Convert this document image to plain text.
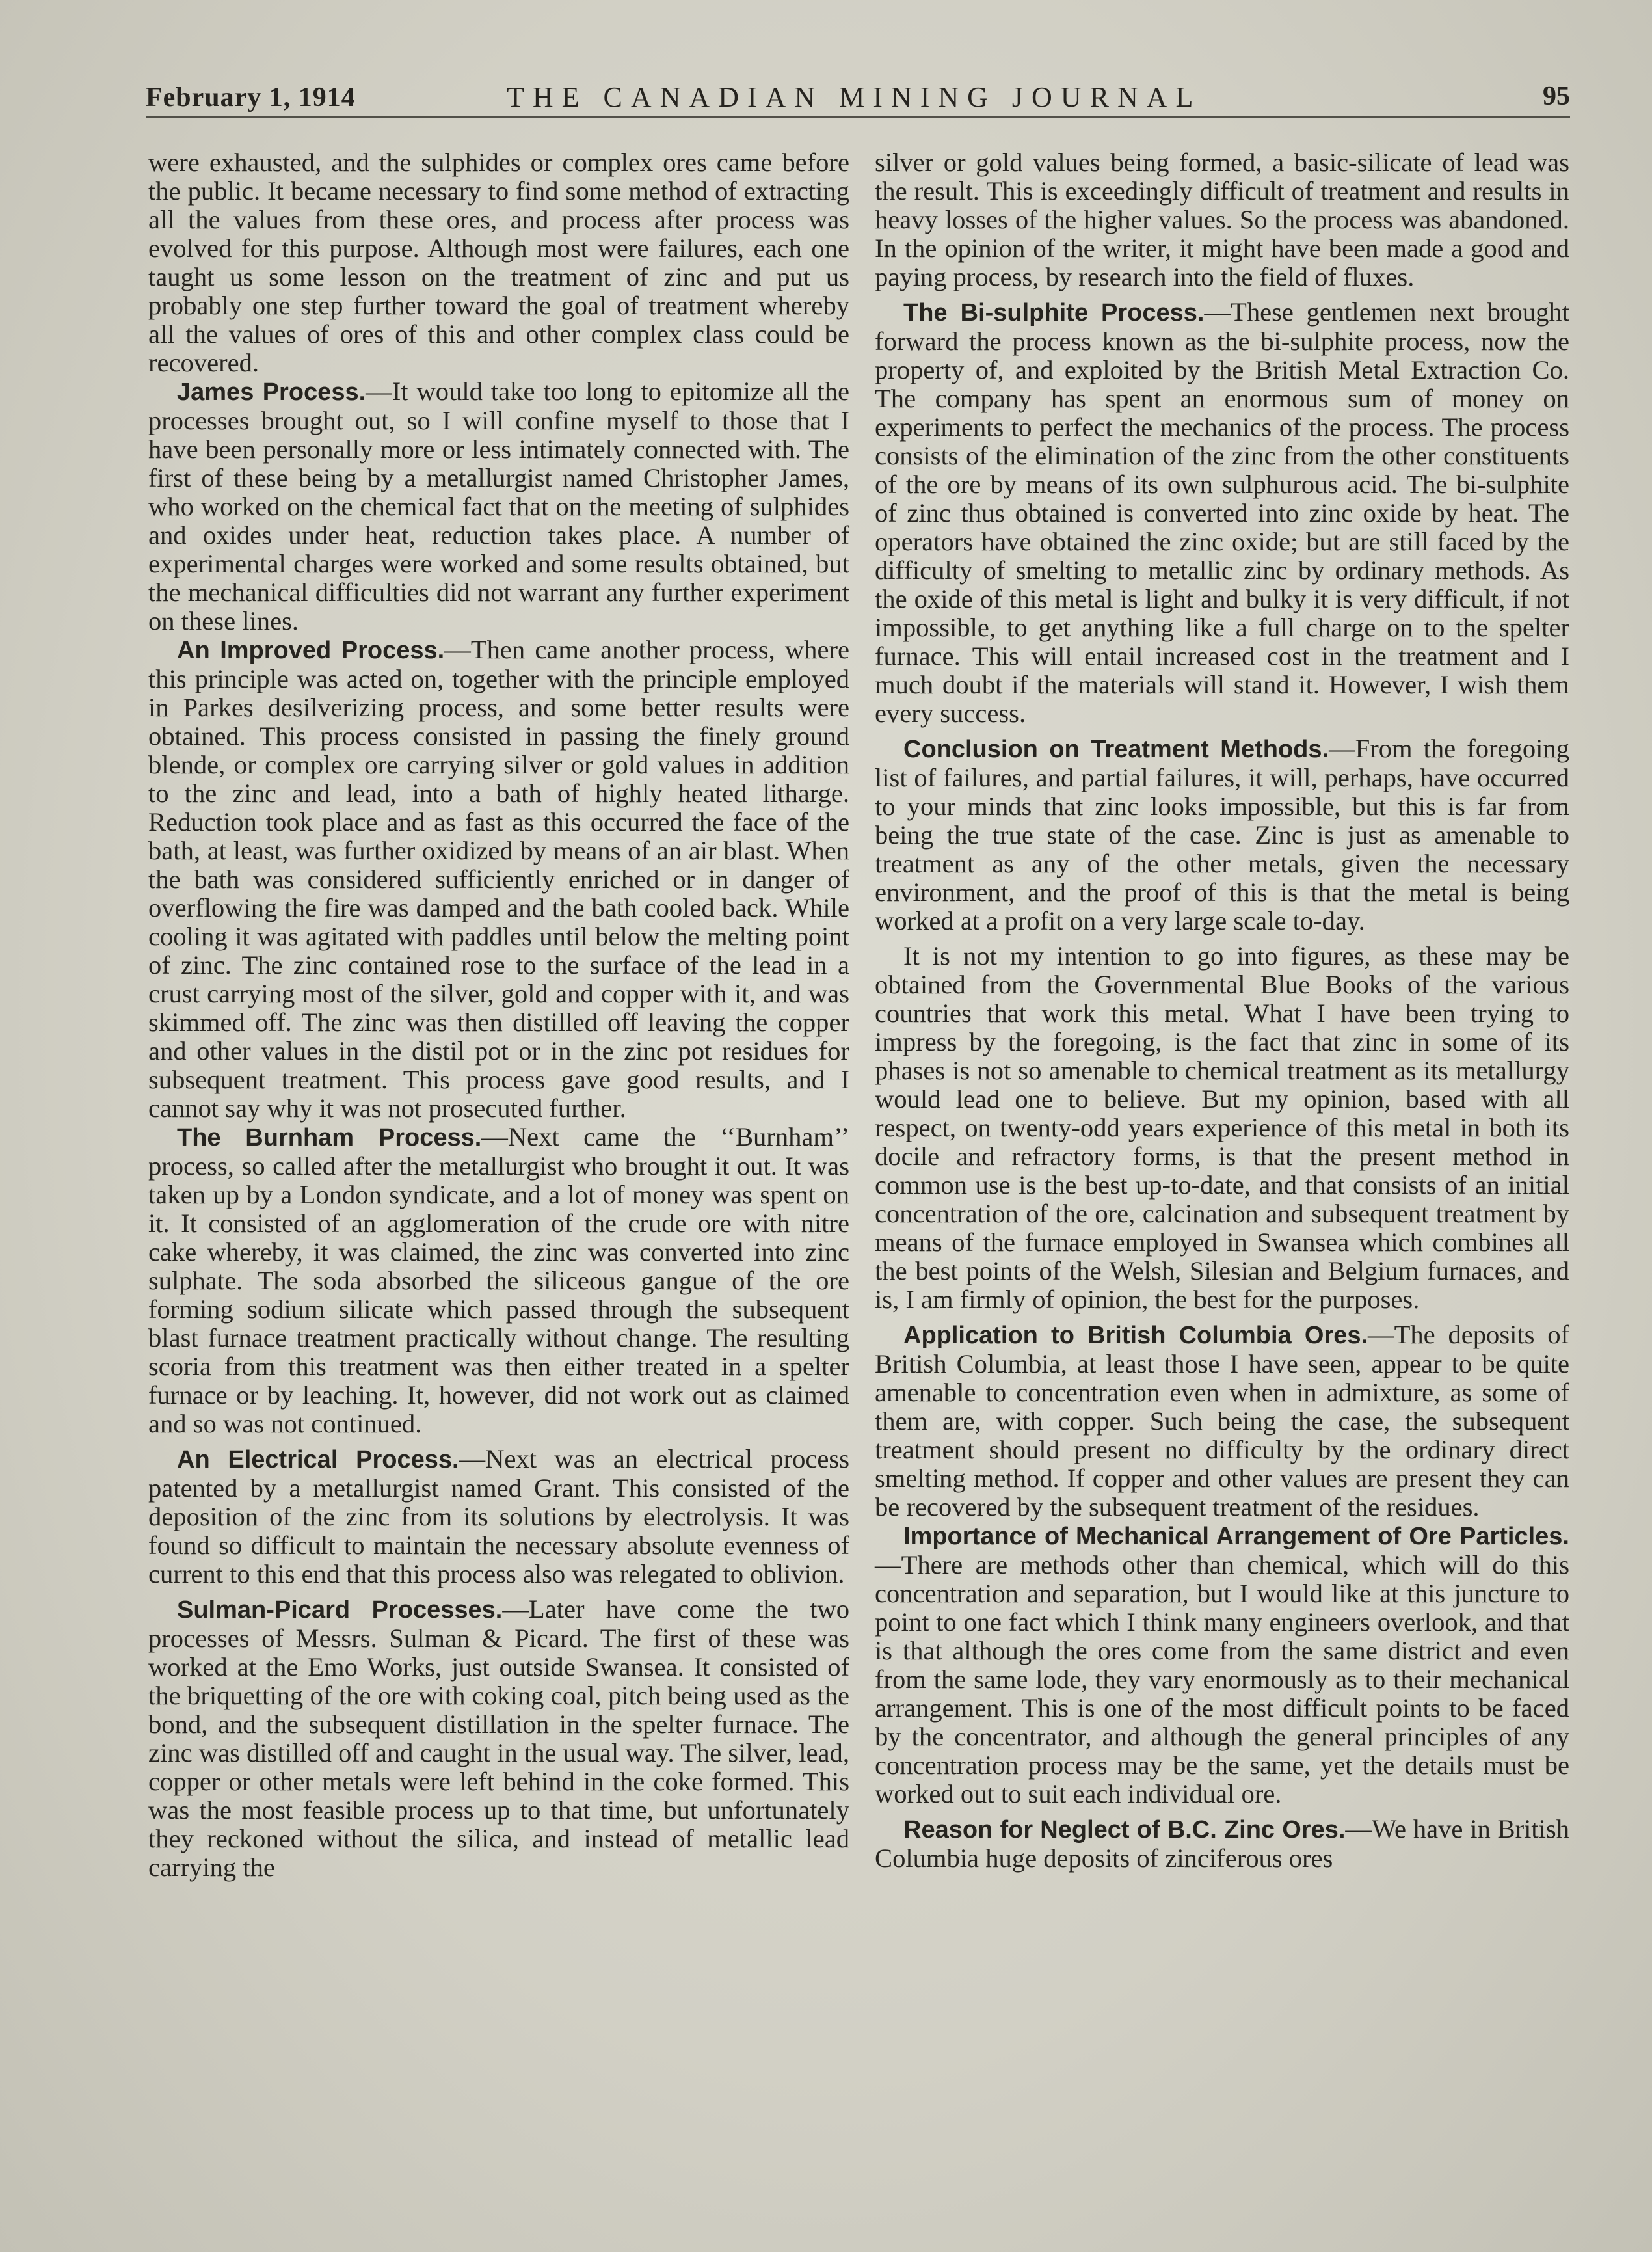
February 1, 1914	THE CANADIAN MINING JOURNAL	95

were exhausted, and the sulphides or complex ores came before the public. It became necessary to find some method of extracting all the values from these ores, and process after process was evolved for this purpose. Although most were failures, each one taught us some lesson on the treatment of zinc and put us probably one step further toward the goal of treatment whereby all the values of ores of this and other complex class could be recovered.

James Process.—It would take too long to epitomize all the processes brought out, so I will confine myself to those that I have been personally more or less intimately connected with. The first of these being by a metallurgist named Christopher James, who worked on the chemical fact that on the meeting of sulphides and oxides under heat, reduction takes place. A number of experimental charges were worked and some results obtained, but the mechanical difficulties did not warrant any further experiment on these lines.

An Improved Process.—Then came another process, where this principle was acted on, together with the principle employed in Parkes desilverizing process, and some better results were obtained. This process consisted in passing the finely ground blende, or complex ore carrying silver or gold values in addition to the zinc and lead, into a bath of highly heated litharge. Reduction took place and as fast as this occurred the face of the bath, at least, was further oxidized by means of an air blast. When the bath was considered sufficiently enriched or in danger of overflowing the fire was damped and the bath cooled back. While cooling it was agitated with paddles until below the melting point of zinc. The zinc contained rose to the surface of the lead in a crust carrying most of the silver, gold and copper with it, and was skimmed off. The zinc was then distilled off leaving the copper and other values in the distil pot or in the zinc pot residues for subsequent treatment. This process gave good results, and I cannot say why it was not prosecuted further.

The Burnham Process.—Next came the ‘‘Burnham’’ process, so called after the metallurgist who brought it out. It was taken up by a London syndicate, and a lot of money was spent on it. It consisted of an agglomeration of the crude ore with nitre cake whereby, it was claimed, the zinc was converted into zinc sulphate. The soda absorbed the siliceous gangue of the ore forming sodium silicate which passed through the subsequent blast furnace treatment practically without change. The resulting scoria from this treatment was then either treated in a spelter furnace or by leaching. It, however, did not work out as claimed and so was not continued.

An Electrical Process.—Next was an electrical process patented by a metallurgist named Grant. This consisted of the deposition of the zinc from its solutions by electrolysis. It was found so difficult to maintain the necessary absolute evenness of current to this end that this process also was relegated to oblivion.

Sulman-Picard Processes.—Later have come the two processes of Messrs. Sulman & Picard. The first of these was worked at the Emo Works, just outside Swansea. It consisted of the briquetting of the ore with coking coal, pitch being used as the bond, and the subsequent distillation in the spelter furnace. The zinc was distilled off and caught in the usual way. The silver, lead, copper or other metals were left behind in the coke formed. This was the most feasible process up to that time, but unfortunately they reckoned without the silica, and instead of metallic lead carrying the

silver or gold values being formed, a basic-silicate of lead was the result. This is exceedingly difficult of treatment and results in heavy losses of the higher values. So the process was abandoned. In the opinion of the writer, it might have been made a good and paying process, by research into the field of fluxes.

The Bi-sulphite Process.—These gentlemen next brought forward the process known as the bi-sulphite process, now the property of, and exploited by the British Metal Extraction Co. The company has spent an enormous sum of money on experiments to perfect the mechanics of the process. The process consists of the elimination of the zinc from the other constituents of the ore by means of its own sulphurous acid. The bi-sulphite of zinc thus obtained is converted into zinc oxide by heat. The operators have obtained the zinc oxide; but are still faced by the difficulty of smelting to metallic zinc by ordinary methods. As the oxide of this metal is light and bulky it is very difficult, if not impossible, to get anything like a full charge on to the spelter furnace. This will entail increased cost in the treatment and I much doubt if the materials will stand it. However, I wish them every success.

Conclusion on Treatment Methods.—From the foregoing list of failures, and partial failures, it will, perhaps, have occurred to your minds that zinc looks impossible, but this is far from being the true state of the case. Zinc is just as amenable to treatment as any of the other metals, given the necessary environment, and the proof of this is that the metal is being worked at a profit on a very large scale to-day.

It is not my intention to go into figures, as these may be obtained from the Governmental Blue Books of the various countries that work this metal. What I have been trying to impress by the foregoing, is the fact that zinc in some of its phases is not so amenable to chemical treatment as its metallurgy would lead one to believe. But my opinion, based with all respect, on twenty-odd years experience of this metal in both its docile and refractory forms, is that the present method in common use is the best up-to-date, and that consists of an initial concentration of the ore, calcination and subsequent treatment by means of the furnace employed in Swansea which combines all the best points of the Welsh, Silesian and Belgium furnaces, and is, I am firmly of opinion, the best for the purposes.

Application to British Columbia Ores.—The deposits of British Columbia, at least those I have seen, appear to be quite amenable to concentration even when in admixture, as some of them are, with copper. Such being the case, the subsequent treatment should present no difficulty by the ordinary direct smelting method. If copper and other values are present they can be recovered by the subsequent treatment of the residues.

Importance of Mechanical Arrangement of Ore Particles.—There are methods other than chemical, which will do this concentration and separation, but I would like at this juncture to point to one fact which I think many engineers overlook, and that is that although the ores come from the same district and even from the same lode, they vary enormously as to their mechanical arrangement. This is one of the most difficult points to be faced by the concentrator, and although the general principles of any concentration process may be the same, yet the details must be worked out to suit each individual ore.

Reason for Neglect of B.C. Zinc Ores.—We have in British Columbia huge deposits of zinciferous ores
